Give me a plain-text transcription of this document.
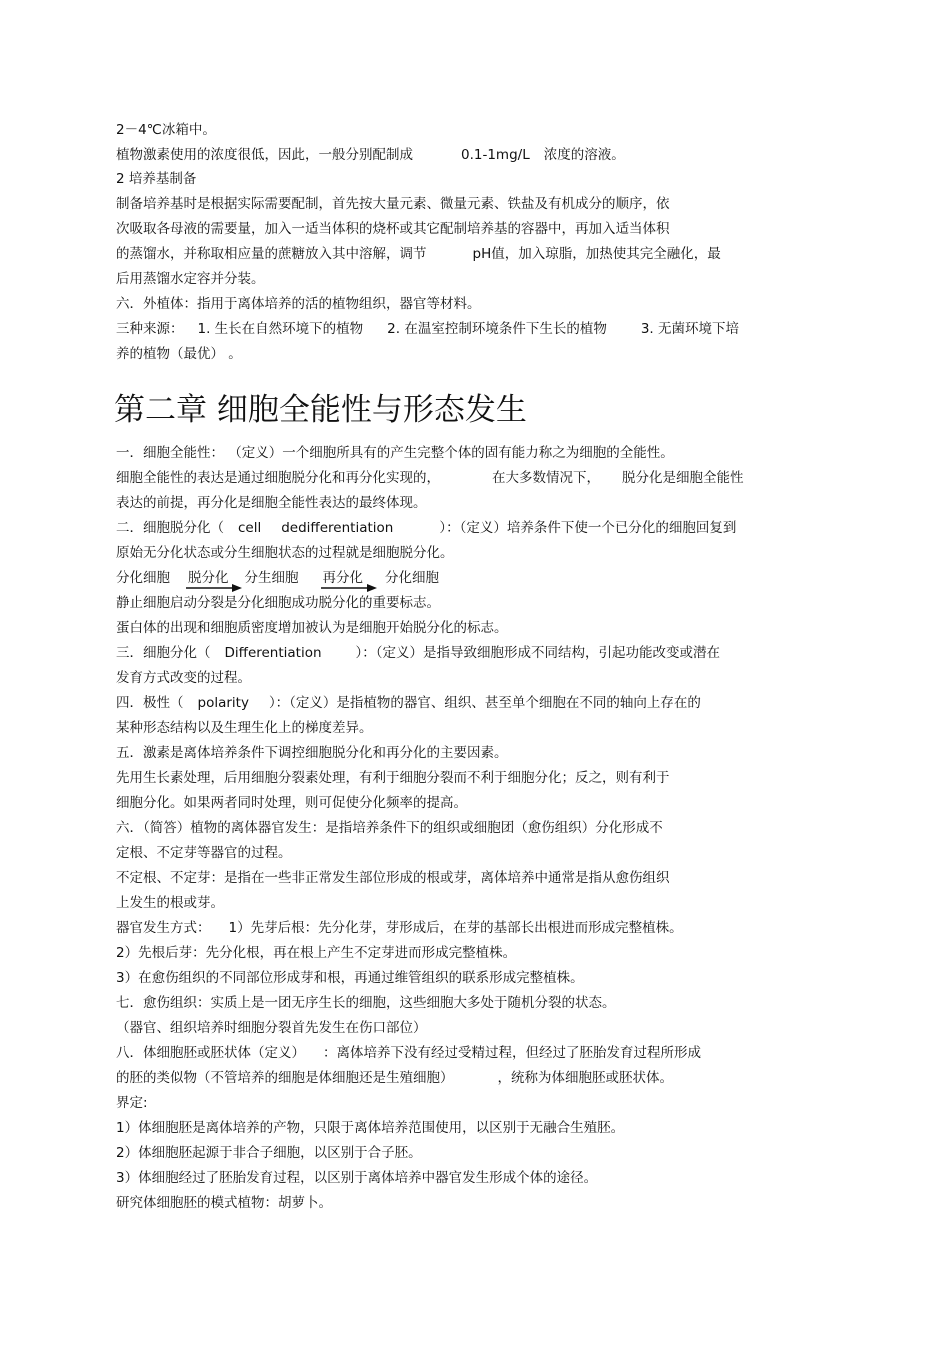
2－4℃冰箱中。

植物激素使用的浓度很低，因此，一般分别配制成	0.1-1mg/L 浓度的溶液。

2 培养基制备

制备培养基时是根据实际需要配制，首先按大量元素、微量元素、铁盐及有机成分的顺序，依

次吸取各母液的需要量，加入一适当体积的烧杯或其它配制培养基的容器中，再加入适当体积

的蒸馏水，并称取相应量的蔗糖放入其中溶解，调节	pH值，加入琼脂，加热使其完全融化，最

后用蒸馏水定容并分装。

六．外植体：指用于离体培养的活的植物组织，器官等材料。

三种来源： 1. 生长在自然环境下的植物 2. 在温室控制环境条件下生长的植物	3. 无菌环境下培

养的植物（最优） 。

第二章 细胞全能性与形态发生

一．细胞全能性： （定义）一个细胞所具有的产生完整个体的固有能力称之为细胞的全能性。

细胞全能性的表达是通过细胞脱分化和再分化实现的，	在大多数情况下， 脱分化是细胞全能性

表达的前提，再分化是细胞全能性表达的最终体现。

二．细胞脱分化（ cell dedifferentiation	）：（定义）培养条件下使一个已分化的细胞回复到

原始无分化状态或分生细胞状态的过程就是细胞脱分化。

分化细胞 脱分化 分生细胞 再分化 分化细胞

静止细胞启动分裂是分化细胞成功脱分化的重要标志。

蛋白体的出现和细胞质密度增加被认为是细胞开始脱分化的标志。

三．细胞分化（ Differentiation	）：（定义）是指导致细胞形成不同结构，引起功能改变或潜在

发育方式改变的过程。

四．极性（ polarity ）：（定义）是指植物的器官、组织、甚至单个细胞在不同的轴向上存在的

某种形态结构以及生理生化上的梯度差异。

五．激素是离体培养条件下调控细胞脱分化和再分化的主要因素。

先用生长素处理，后用细胞分裂素处理，有利于细胞分裂而不利于细胞分化；反之，则有利于

细胞分化。如果两者同时处理，则可促使分化频率的提高。

六．（简答）植物的离体器官发生：是指培养条件下的组织或细胞团（愈伤组织）分化形成不

定根、不定芽等器官的过程。

不定根、不定芽：是指在一些非正常发生部位形成的根或芽，离体培养中通常是指从愈伤组织

上发生的根或芽。

器官发生方式： 1）先芽后根：先分化芽，芽形成后，在芽的基部长出根进而形成完整植株。

2）先根后芽：先分化根，再在根上产生不定芽进而形成完整植株。

3）在愈伤组织的不同部位形成芽和根，再通过维管组织的联系形成完整植株。

七．愈伤组织：实质上是一团无序生长的细胞，这些细胞大多处于随机分裂的状态。

（器官、组织培养时细胞分裂首先发生在伤口部位）

八．体细胞胚或胚状体（定义） ：离体培养下没有经过受精过程，但经过了胚胎发育过程所形成

的胚的类似物（不管培养的细胞是体细胞还是生殖细胞）	，统称为体细胞胚或胚状体。

界定:

1）体细胞胚是离体培养的产物，只限于离体培养范围使用，以区别于无融合生殖胚。

2）体细胞胚起源于非合子细胞，以区别于合子胚。

3）体细胞经过了胚胎发育过程，以区别于离体培养中器官发生形成个体的途径。

研究体细胞胚的模式植物：胡萝卜。
